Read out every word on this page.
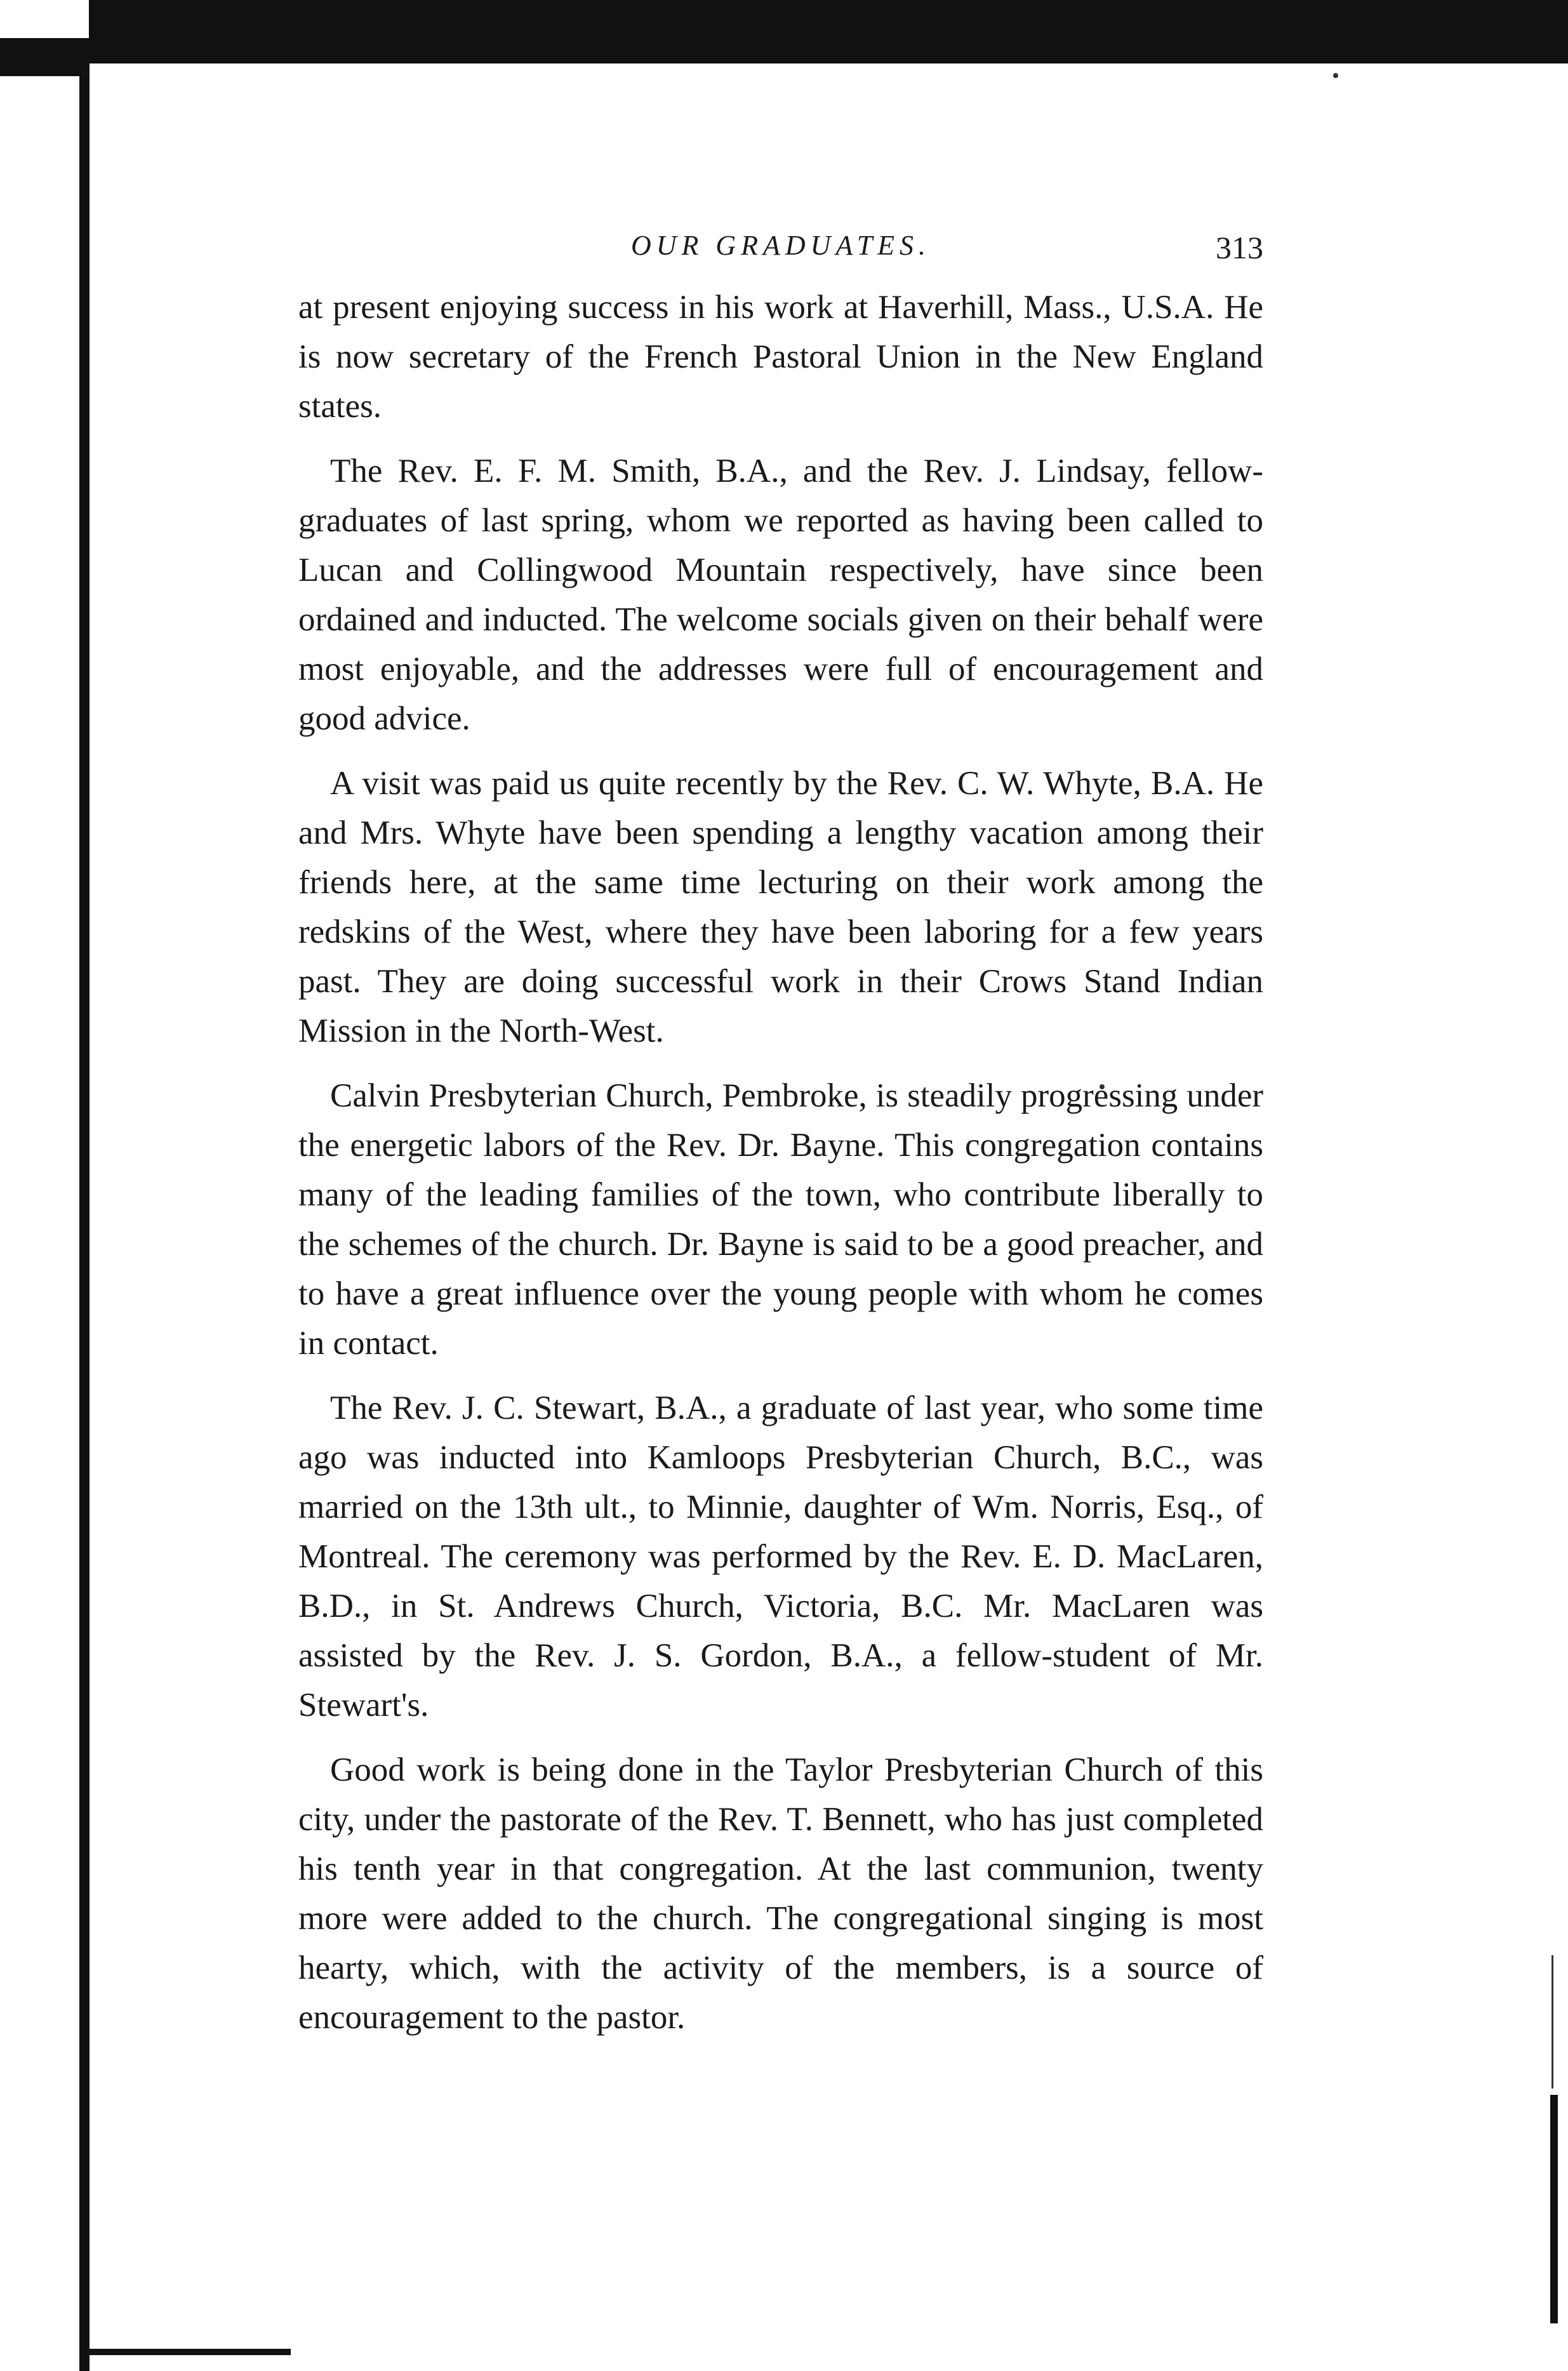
OUR GRADUATES.	313

at present enjoying success in his work at Haverhill, Mass., U.S.A. He is now secretary of the French Pastoral Union in the New England states.

The Rev. E. F. M. Smith, B.A., and the Rev. J. Lindsay, fellow-graduates of last spring, whom we reported as having been called to Lucan and Collingwood Mountain respectively, have since been ordained and inducted. The welcome socials given on their behalf were most enjoyable, and the addresses were full of encouragement and good advice.

A visit was paid us quite recently by the Rev. C. W. Whyte, B.A. He and Mrs. Whyte have been spending a lengthy vacation among their friends here, at the same time lecturing on their work among the redskins of the West, where they have been laboring for a few years past. They are doing successful work in their Crows Stand Indian Mission in the North-West.

Calvin Presbyterian Church, Pembroke, is steadily progressing under the energetic labors of the Rev. Dr. Bayne. This congregation contains many of the leading families of the town, who contribute liberally to the schemes of the church. Dr. Bayne is said to be a good preacher, and to have a great influence over the young people with whom he comes in contact.

The Rev. J. C. Stewart, B.A., a graduate of last year, who some time ago was inducted into Kamloops Presbyterian Church, B.C., was married on the 13th ult., to Minnie, daughter of Wm. Norris, Esq., of Montreal. The ceremony was performed by the Rev. E. D. MacLaren, B.D., in St. Andrews Church, Victoria, B.C. Mr. MacLaren was assisted by the Rev. J. S. Gordon, B.A., a fellow-student of Mr. Stewart's.

Good work is being done in the Taylor Presbyterian Church of this city, under the pastorate of the Rev. T. Bennett, who has just completed his tenth year in that congregation. At the last communion, twenty more were added to the church. The congregational singing is most hearty, which, with the activity of the members, is a source of encouragement to the pastor.
